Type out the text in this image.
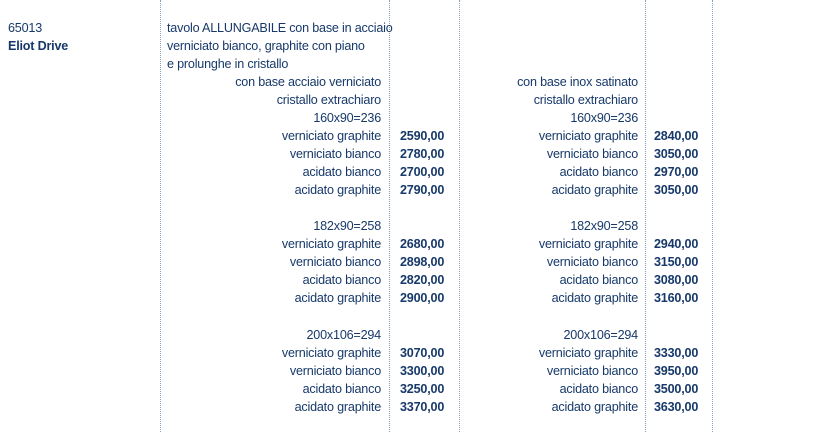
65013
Eliot Drive
tavolo ALLUNGABILE con base in acciaio
verniciato bianco, graphite con piano
e prolunghe in cristallo
con base acciaio verniciato
cristallo extrachiaro
160x90=236
verniciato graphite 2590,00
verniciato bianco 2780,00
acidato bianco 2700,00
acidato graphite 2790,00
182x90=258
verniciato graphite 2680,00
verniciato bianco 2898,00
acidato bianco 2820,00
acidato graphite 2900,00
200x106=294
verniciato graphite 3070,00
verniciato bianco 3300,00
acidato bianco 3250,00
acidato graphite 3370,00
con base inox satinato
cristallo extrachiaro
160x90=236
verniciato graphite 2840,00
verniciato bianco 3050,00
acidato bianco 2970,00
acidato graphite 3050,00
182x90=258
verniciato graphite 2940,00
verniciato bianco 3150,00
acidato bianco 3080,00
acidato graphite 3160,00
200x106=294
verniciato graphite 3330,00
verniciato bianco 3950,00
acidato bianco 3500,00
acidato graphite 3630,00
